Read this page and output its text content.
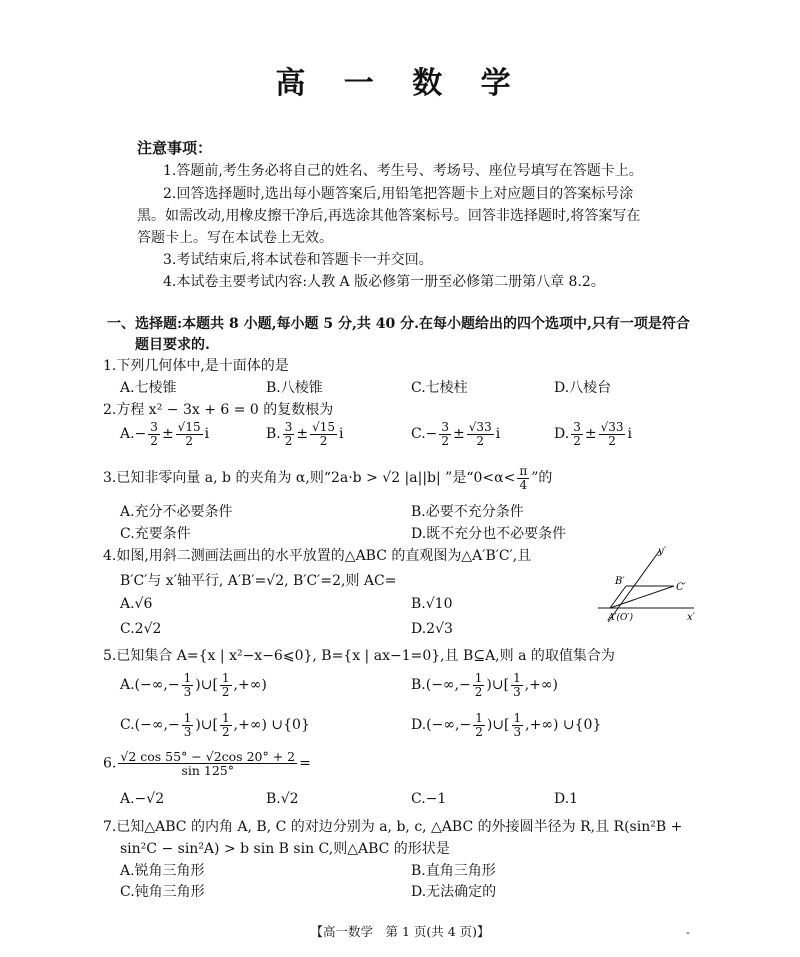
高 一 数 学
注意事项：
1.答题前,考生务必将自己的姓名、考生号、考场号、座位号填写在答题卡上。
2.回答选择题时,选出每小题答案后,用铅笔把答题卡上对应题目的答案标号涂
黑。如需改动,用橡皮擦干净后,再选涂其他答案标号。回答非选择题时,将答案写在
答题卡上。写在本试卷上无效。
3.考试结束后,将本试卷和答题卡一并交回。
4.本试卷主要考试内容:人教 A 版必修第一册至必修第二册第八章 8.2。
一、选择题:本题共 8 小题,每小题 5 分,共 40 分.在每小题给出的四个选项中,只有一项是符合
题目要求的.
1.下列几何体中,是十面体的是
A.七棱锥	B.八棱锥	C.七棱柱	D.八棱台
2.方程 x² − 3x + 6 = 0 的复数根为
$A.- \frac{3}{2} \pm \frac{√15}{2}$ i	B. $\frac{3}{2} \pm \frac{√15}{2}$ i	$C.- \frac{3}{2} \pm \frac{√33}{2}$ i	D. $\frac{3}{2} \pm \frac{√33}{2}$ i
3.已知非零向量 a, b 的夹角为 α,则“2a·b > √2 |a||b| ”是“$0<\alpha< \frac{\pi}{4}$ ”的
A.充分不必要条件	B.必要不充分条件
C.充要条件	D.既不充分也不必要条件
4.如图,用斜二测画法画出的水平放置的△ABC 的直观图为△A′B′C′,且
B′C′与 x′轴平行, A′B′=√2, B′C′=2,则 AC=
A.√6	B.√10
C.2√2	D.2√3
y′
x′
B′
C′
A′(O′)
5.已知集合 A={x | x²−x−6⩽0}, B={x | ax−1=0},且 B⊆A,则 a 的取值集合为
$A.(-\infty,- \frac{1}{3}$ )∪[ $\frac{1}{2}$ ,+∞)	$B.(-\infty,- \frac{1}{2}$ )∪[ $\frac{1}{3}$ ,+∞)
$C.(-\infty,- \frac{1}{3}$ )∪[ $\frac{1}{2}$ ,+∞) ∪{0}	$D.(-\infty,- \frac{1}{2}$ )∪[ $\frac{1}{3}$ ,+∞) ∪{0}
6. $\frac{√2 \cos 55^\circ - √2\cos 20^\circ + 2}{\sin 125^\circ}$ =
A.−√2	B.√2	C.−1	D.1
7.已知△ABC 的内角 A, B, C 的对边分别为 a, b, c, △ABC 的外接圆半径为 R,且 R(sin²B +
sin²C − sin²A) > b sin B sin C,则△ABC 的形状是
A.锐角三角形	B.直角三角形
C.钝角三角形	D.无法确定的
【高一数学　第 1 页(共 4 页)】	-
